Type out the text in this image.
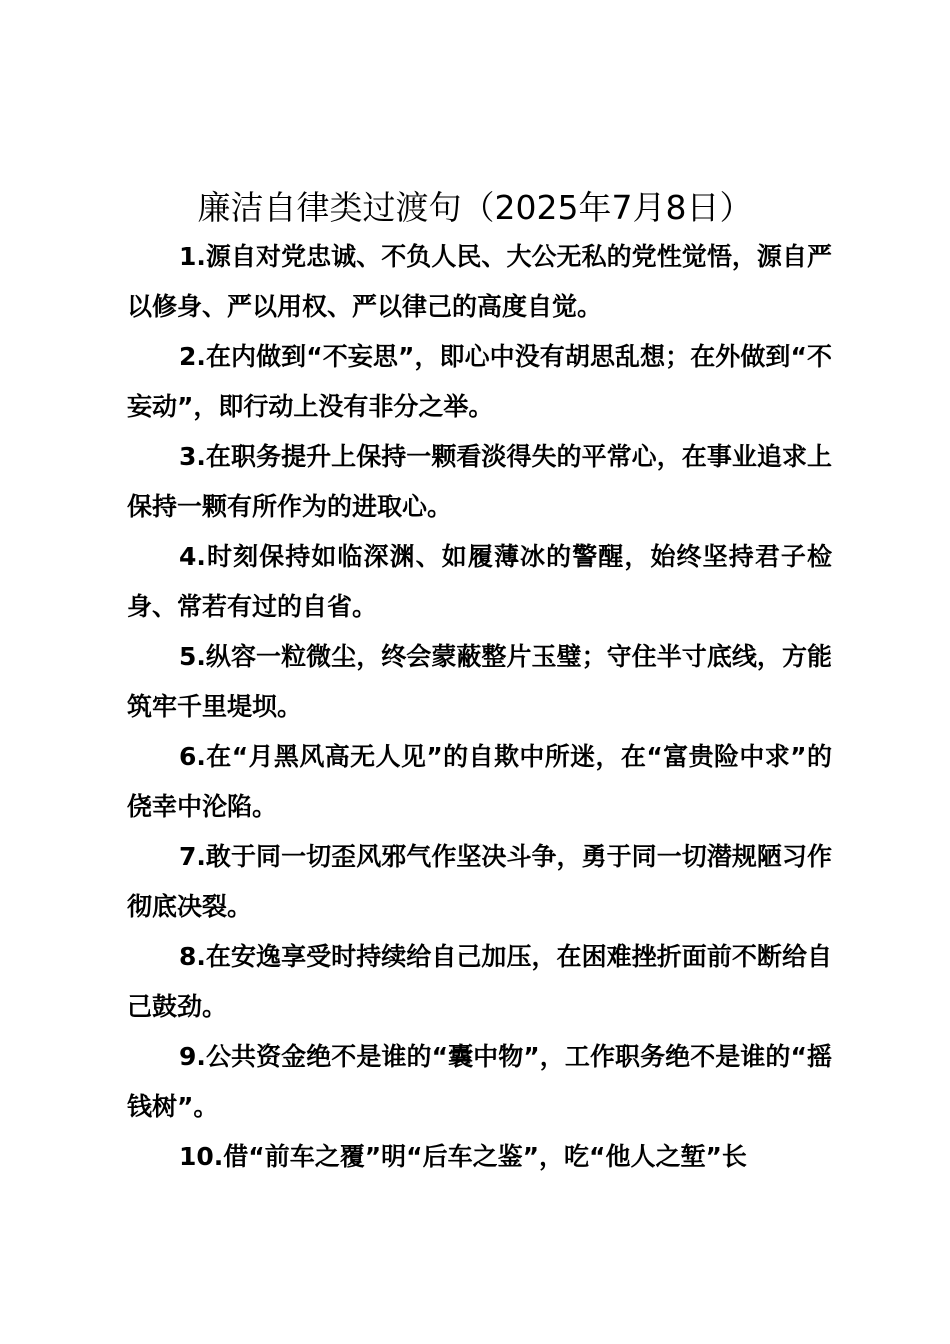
廉洁自律类过渡句（2025年7月8日）

1.源自对党忠诚、不负人民、大公无私的党性觉悟，源自严以修身、严以用权、严以律己的高度自觉。

2.在内做到“不妄思”，即心中没有胡思乱想；在外做到“不妄动”，即行动上没有非分之举。

3.在职务提升上保持一颗看淡得失的平常心，在事业追求上保持一颗有所作为的进取心。

4.时刻保持如临深渊、如履薄冰的警醒，始终坚持君子检身、常若有过的自省。

5.纵容一粒微尘，终会蒙蔽整片玉璧；守住半寸底线，方能筑牢千里堤坝。

6.在“月黑风高无人见”的自欺中所迷，在“富贵险中求”的侥幸中沦陷。

7.敢于同一切歪风邪气作坚决斗争，勇于同一切潜规陋习作彻底决裂。

8.在安逸享受时持续给自己加压，在困难挫折面前不断给自己鼓劲。

9.公共资金绝不是谁的“囊中物”，工作职务绝不是谁的“摇钱树”。

10.借“前车之覆”明“后车之鉴”，吃“他人之堑”长
